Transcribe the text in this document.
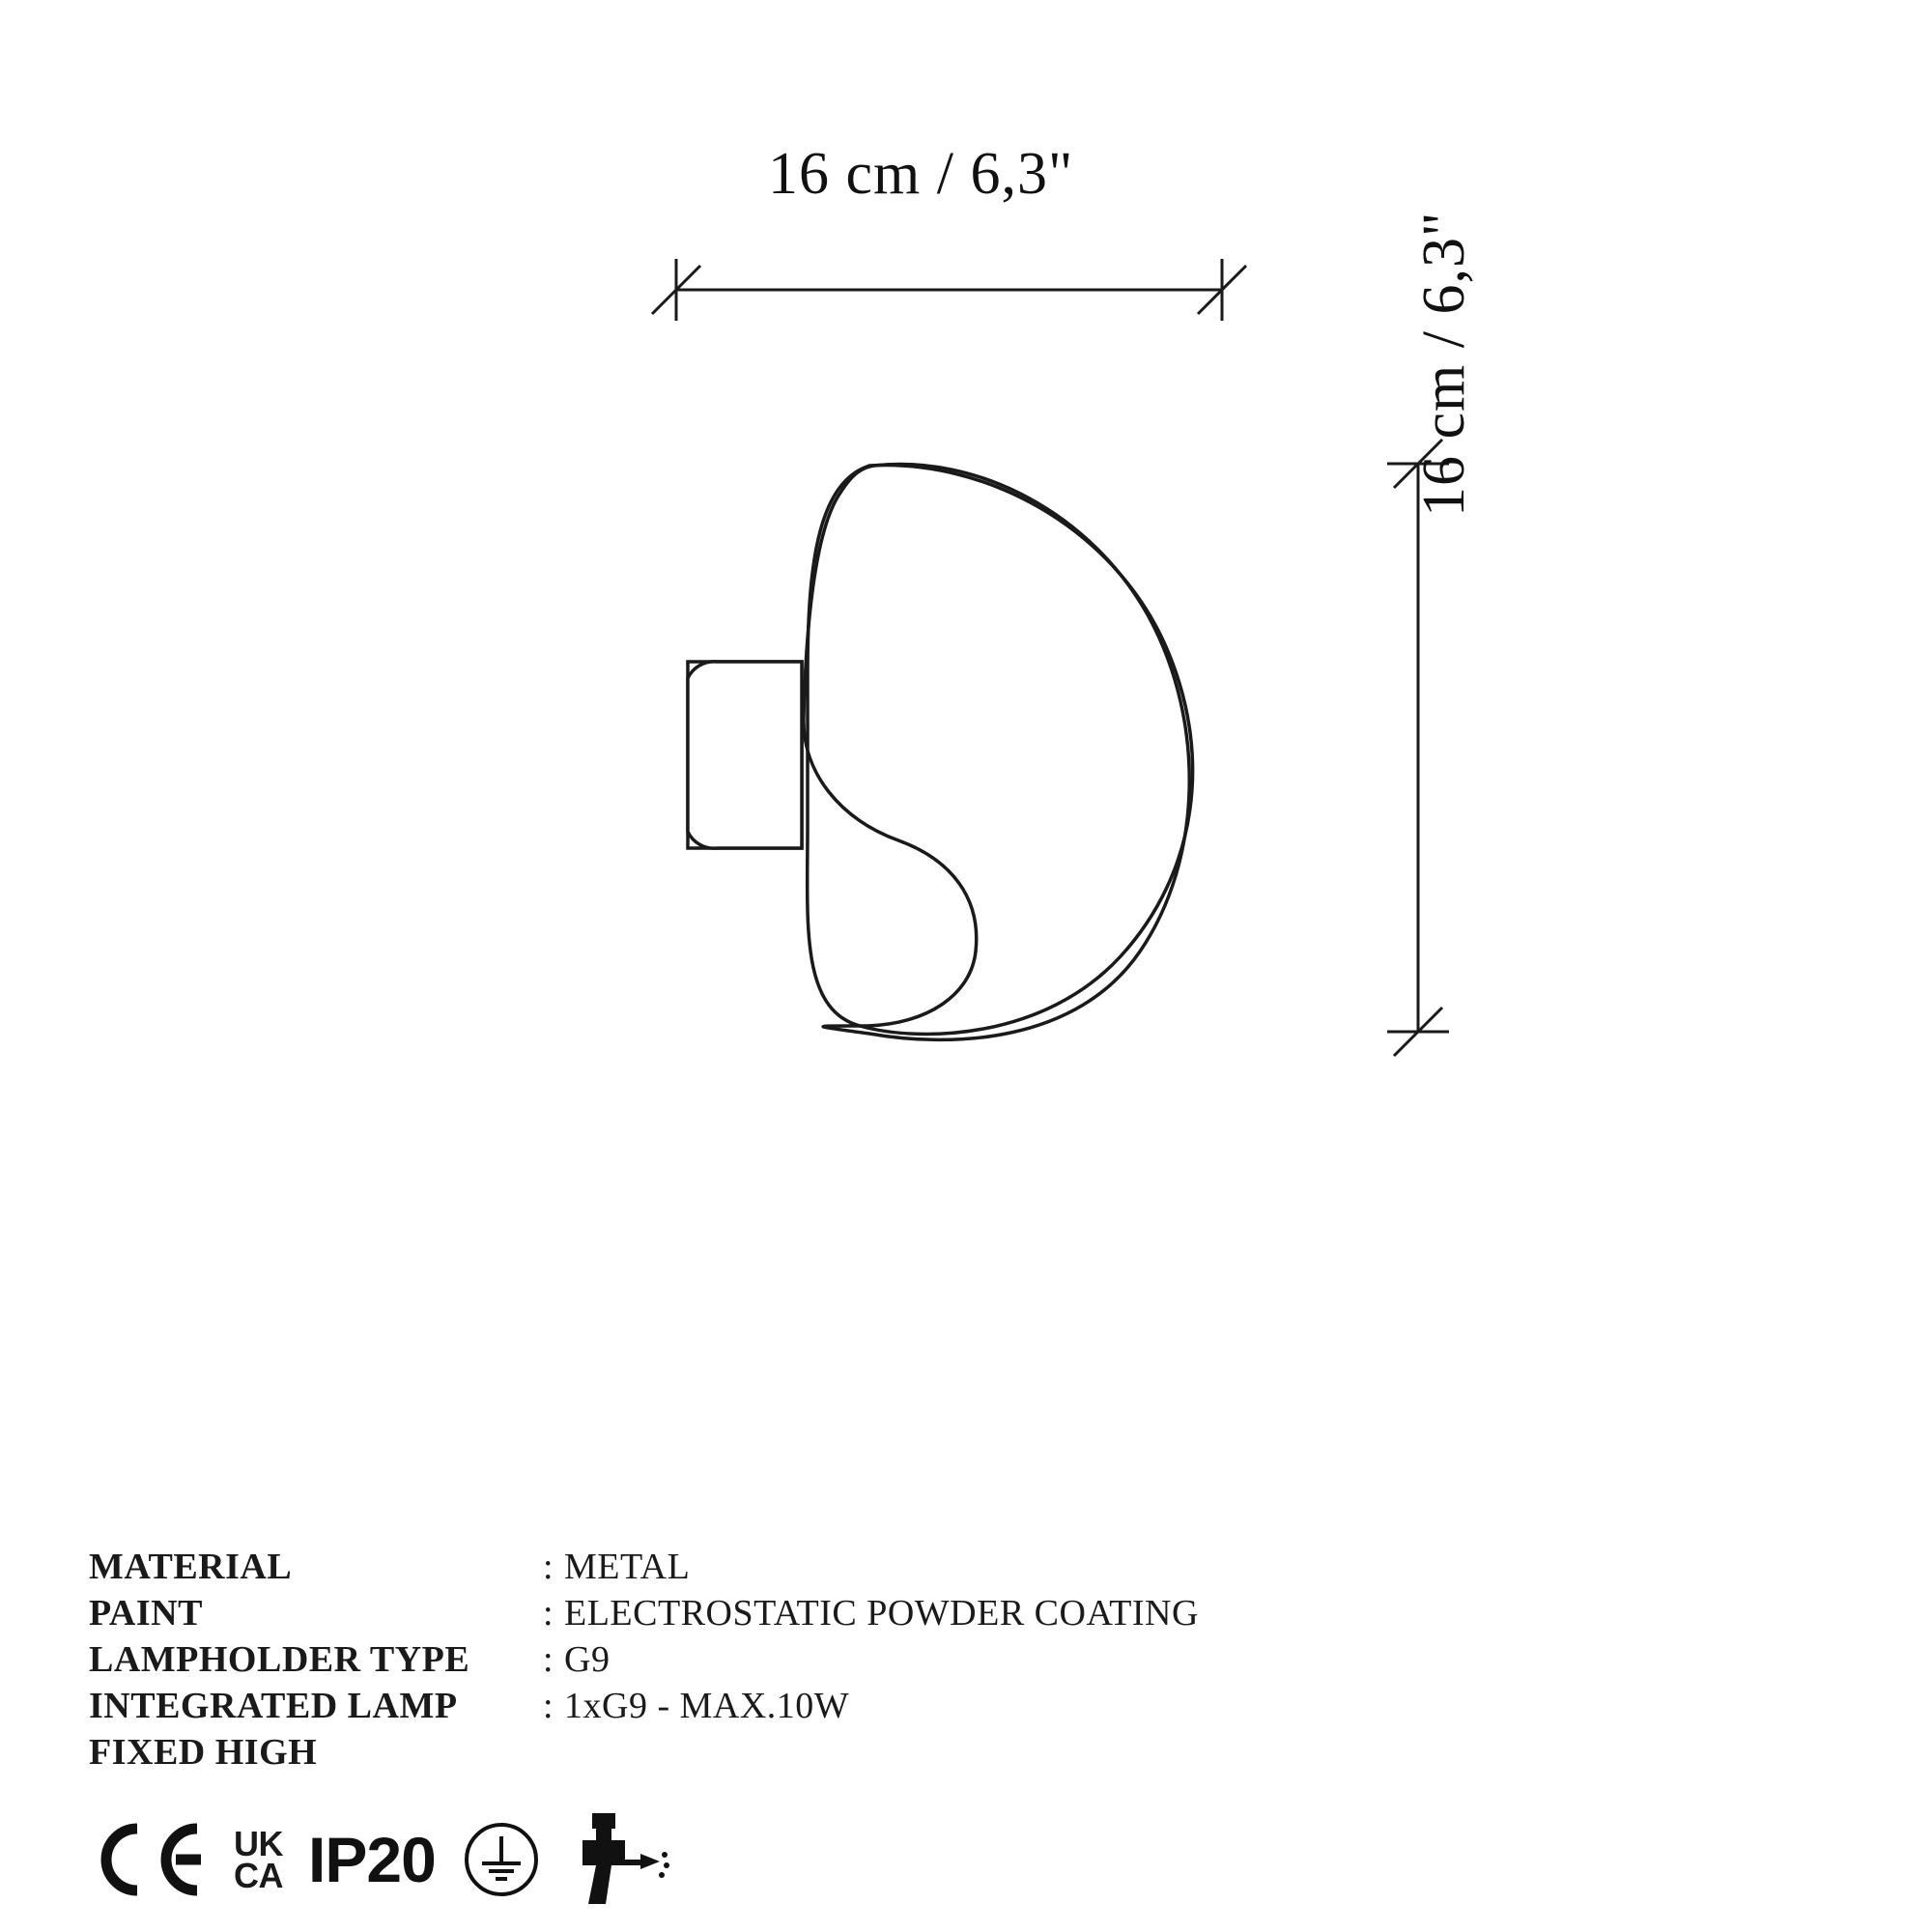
16 cm / 6,3"
16 cm / 6,3"
MATERIAL	: METAL
PAINT	: ELECTROSTATIC POWDER COATING
LAMPHOLDER TYPE	: G9
INTEGRATED LAMP	: 1xG9 - MAX.10W
FIXED HIGH
UK
CA IP20
